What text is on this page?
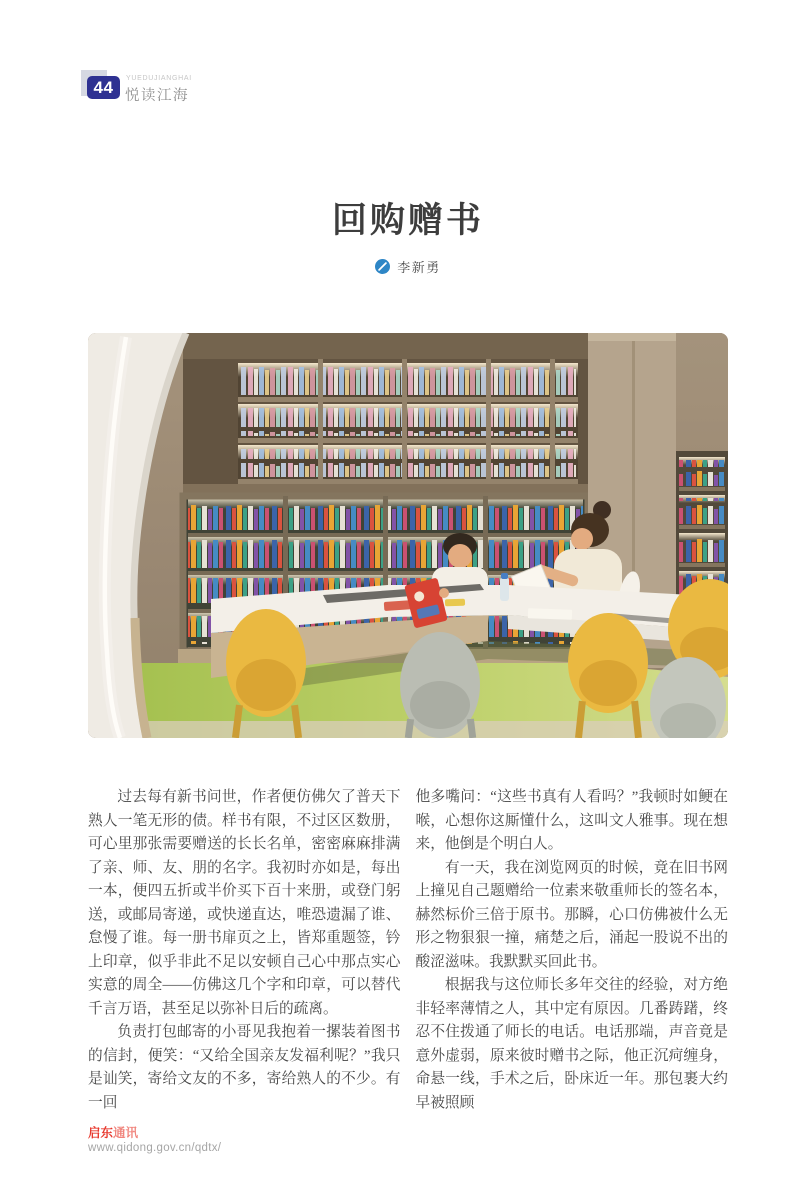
44	YUEDUJIANGHAI
悦读江海
回购赠书
李新勇

过去每有新书问世，作者便仿佛欠了普天下熟人一笔无形的债。样书有限，不过区区数册，可心里那张需要赠送的长长名单，密密麻麻排满了亲、师、友、朋的名字。我初时亦如是，每出一本，便四五折或半价买下百十来册，或登门躬送，或邮局寄递，或快递直达，唯恐遗漏了谁、怠慢了谁。每一册书扉页之上，皆郑重题签，钤上印章，似乎非此不足以安顿自己心中那点实心实意的周全——仿佛这几个字和印章，可以替代千言万语，甚至足以弥补日后的疏离。

负责打包邮寄的小哥见我抱着一摞装着图书的信封，便笑：“又给全国亲友发福利呢？”我只是讪笑，寄给文友的不多，寄给熟人的不少。有一回

他多嘴问：“这些书真有人看吗？”我顿时如鲠在喉，心想你这厮懂什么，这叫文人雅事。现在想来，他倒是个明白人。

有一天，我在浏览网页的时候，竟在旧书网上撞见自己题赠给一位素来敬重师长的签名本，赫然标价三倍于原书。那瞬，心口仿佛被什么无形之物狠狠一撞，痛楚之后，涌起一股说不出的酸涩滋味。我默默买回此书。

根据我与这位师长多年交往的经验，对方绝非轻率薄情之人，其中定有原因。几番踌躇，终忍不住拨通了师长的电话。电话那端，声音竟是意外虚弱，原来彼时赠书之际，他正沉疴缠身，命悬一线，手术之后，卧床近一年。那包裹大约早被照顾

启东通讯
www.qidong.gov.cn/qdtx/
